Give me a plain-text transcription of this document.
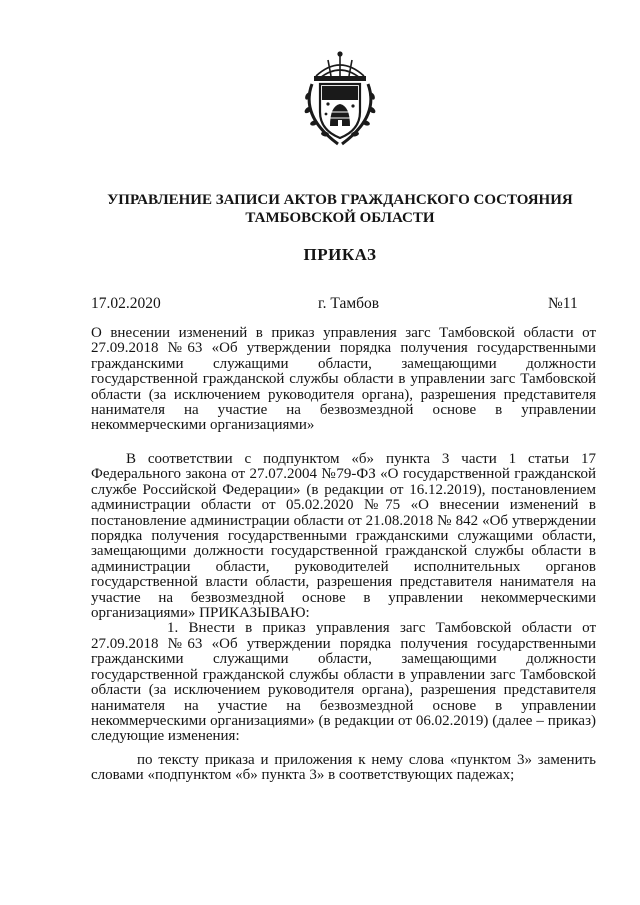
УПРАВЛЕНИЕ ЗАПИСИ АКТОВ ГРАЖДАНСКОГО СОСТОЯНИЯ
ТАМБОВСКОЙ ОБЛАСТИ
ПРИКАЗ
17.02.2020	г. Тамбов	№11

О внесении изменений в приказ управления загс Тамбовской области от 27.09.2018 №63 «Об утверждении порядка получения государственными гражданскими служащими области, замещающими должности государственной гражданской службы области в управлении загс Тамбовской области (за исключением руководителя органа), разрешения представителя нанимателя на участие на безвозмездной основе в управлении некоммерческими организациями»

В соответствии с подпунктом «б» пункта 3 части 1 статьи 17 Федерального закона от 27.07.2004 №79-ФЗ «О государственной гражданской службе Российской Федерации» (в редакции от 16.12.2019), постановлением администрации области от 05.02.2020 №75 «О внесении изменений в постановление администрации области от 21.08.2018 № 842 «Об утверждении порядка получения государственными гражданскими служащими области, замещающими должности государственной гражданской службы области в администрации области, руководителей исполнительных органов государственной власти области, разрешения представителя нанимателя на участие на безвозмездной основе в управлении некоммерческими организациями» ПРИКАЗЫВАЮ:

1. Внести в приказ управления загс Тамбовской области от 27.09.2018 №63 «Об утверждении порядка получения государственными гражданскими служащими области, замещающими должности государственной гражданской службы области в управлении загс Тамбовской области (за исключением руководителя органа), разрешения представителя нанимателя на участие на безвозмездной основе в управлении некоммерческими организациями» (в редакции от 06.02.2019) (далее – приказ) следующие изменения:

по тексту приказа и приложения к нему слова «пунктом 3» заменить словами «подпунктом «б» пункта 3» в соответствующих падежах;
